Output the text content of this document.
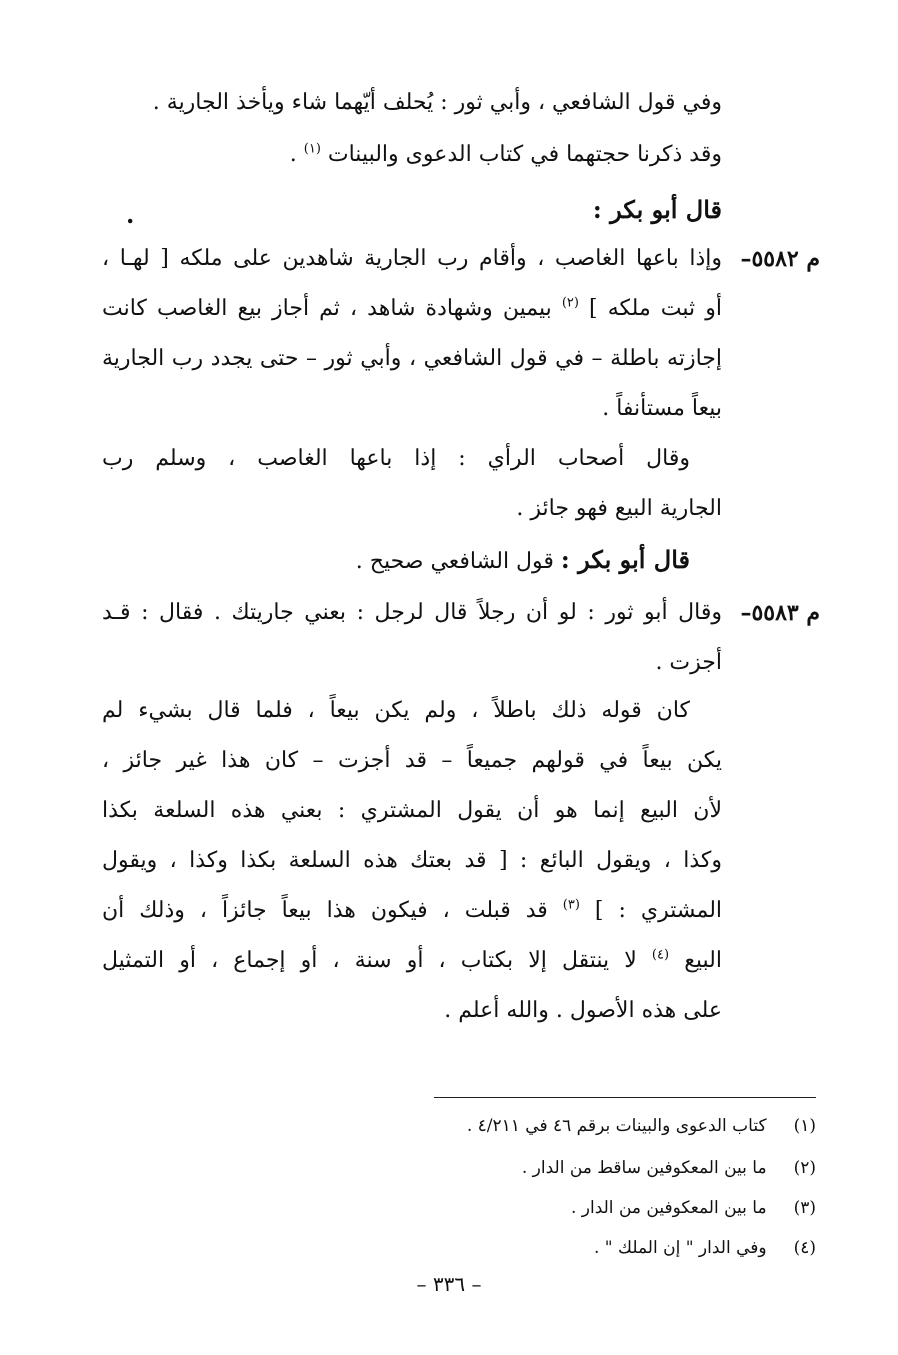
وفي قول الشافعي ، وأبي ثور : يُحلف أيّهما شاء ويأخذ الجارية .
وقد ذكرنا حجتهما في كتاب الدعوى والبينات $^{(١)}$ .
قال أبو بكر :
.
م ٥٥٨٢–
وإذا باعها الغاصب ، وأقام رب الجارية شاهدين على ملكه [ لهـا ،
أو ثبت ملكه ] $^{(٢)}$ بيمين وشهادة شاهد ، ثم أجاز بيع الغاصب كانت
إجازته باطلة – في قول الشافعي ، وأبي ثور – حتى يجدد رب الجارية
بيعاً مستأنفاً .
وقال أصحاب الرأي : إذا باعها الغاصب ، وسلم رب
الجارية البيع فهو جائز .
قال أبو بكر : قول الشافعي صحيح .
م ٥٥٨٣–
وقال أبو ثور : لو أن رجلاً قال لرجل : بعني جاريتك . فقال : قـد
أجزت .
كان قوله ذلك باطلاً ، ولم يكن بيعاً ، فلما قال بشيء لم
يكن بيعاً في قولهم جميعاً – قد أجزت – كان هذا غير جائز ،
لأن البيع إنما هو أن يقول المشتري : بعني هذه السلعة بكذا
وكذا ، ويقول البائع : [ قد بعتك هذه السلعة بكذا وكذا ، ويقول
المشتري : ] $^{(٣)}$ قد قبلت ، فيكون هذا بيعاً جائزاً ، وذلك أن
البيع $^{(٤)}$ لا ينتقل إلا بكتاب ، أو سنة ، أو إجماع ، أو التمثيل
على هذه الأصول . والله أعلم .
(١) كتاب الدعوى والبينات برقم ٤٦ في ٤/٢١١ .
(٢) ما بين المعكوفين ساقط من الدار .
(٣) ما بين المعكوفين من الدار .
(٤) وفي الدار " إن الملك " .
– ٣٣٦ –
